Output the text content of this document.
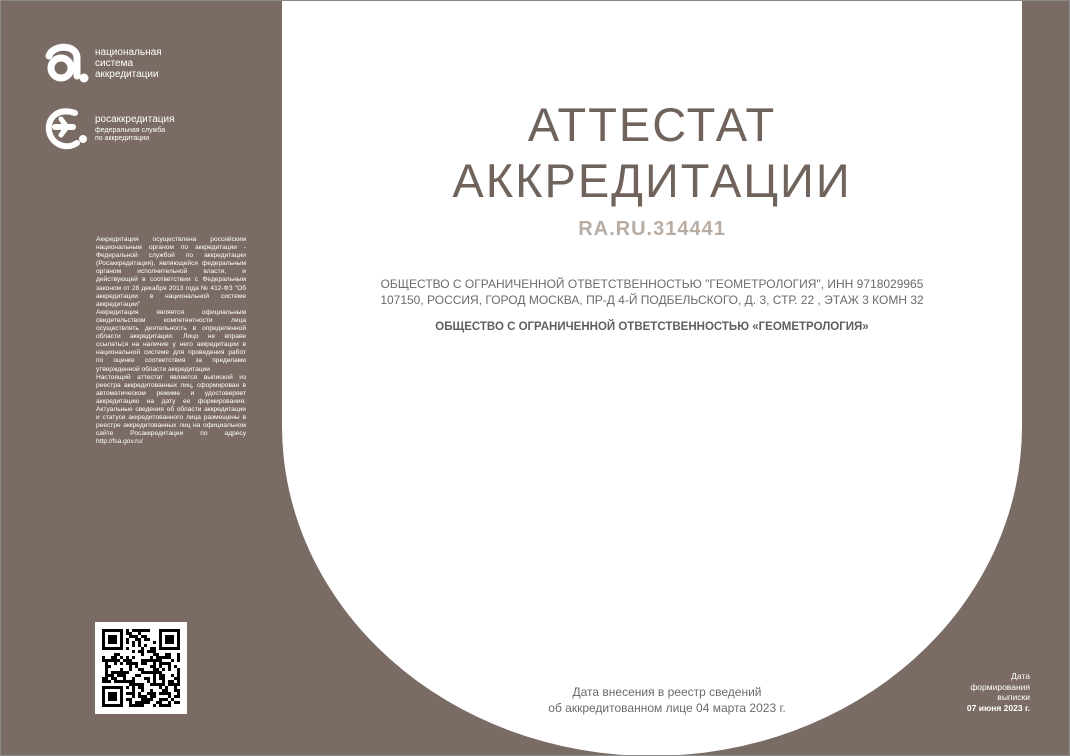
национальная
система
аккредитации
росаккредитация
федеральная служба
по аккредитации

Аккредитация осуществлена российским национальным органом по аккредитации - Федеральной службой по аккредитации (Росаккредитация), являющейся федеральным органом исполнительной власти, и действующей в соответствии с Федеральным законом от 28 декабря 2013 года № 412-ФЗ "Об аккредитации в национальной системе аккредитации"

Аккредитация является официальным свидетельством компетентности лица осуществлять деятельность в определенной области аккредитации. Лицо не вправе ссылаться на наличие у него аккредитации в национальной системе для проведения работ по оценке соответствия за пределами утвержденной области аккредитации

Настоящий аттестат является выпиской из реестра аккредитованных лиц, сформирован в автоматическом режиме и удостоверяет аккредитацию на дату ее формирования. Актуальные сведения об области аккредитации и статусе аккредитованного лица размещены в реестре аккредитованных лиц на официальном сайте Росаккредитации по адресу http://fsa.gov.ru/

АТТЕСТАТ
АККРЕДИТАЦИИ
RA.RU.314441
ОБЩЕСТВО С ОГРАНИЧЕННОЙ ОТВЕТСТВЕННОСТЬЮ "ГЕОМЕТРОЛОГИЯ", ИНН 9718029965
107150, РОССИЯ, ГОРОД МОСКВА, ПР-Д 4-Й ПОДБЕЛЬСКОГО, Д. 3, СТР. 22 , ЭТАЖ 3 КОМН 32
ОБЩЕСТВО С ОГРАНИЧЕННОЙ ОТВЕТСТВЕННОСТЬЮ «ГЕОМЕТРОЛОГИЯ»
Дата внесения в реестр сведений
об аккредитованном лице 04 марта 2023 г.
Дата
формирования
выписки
07 июня 2023 г.
